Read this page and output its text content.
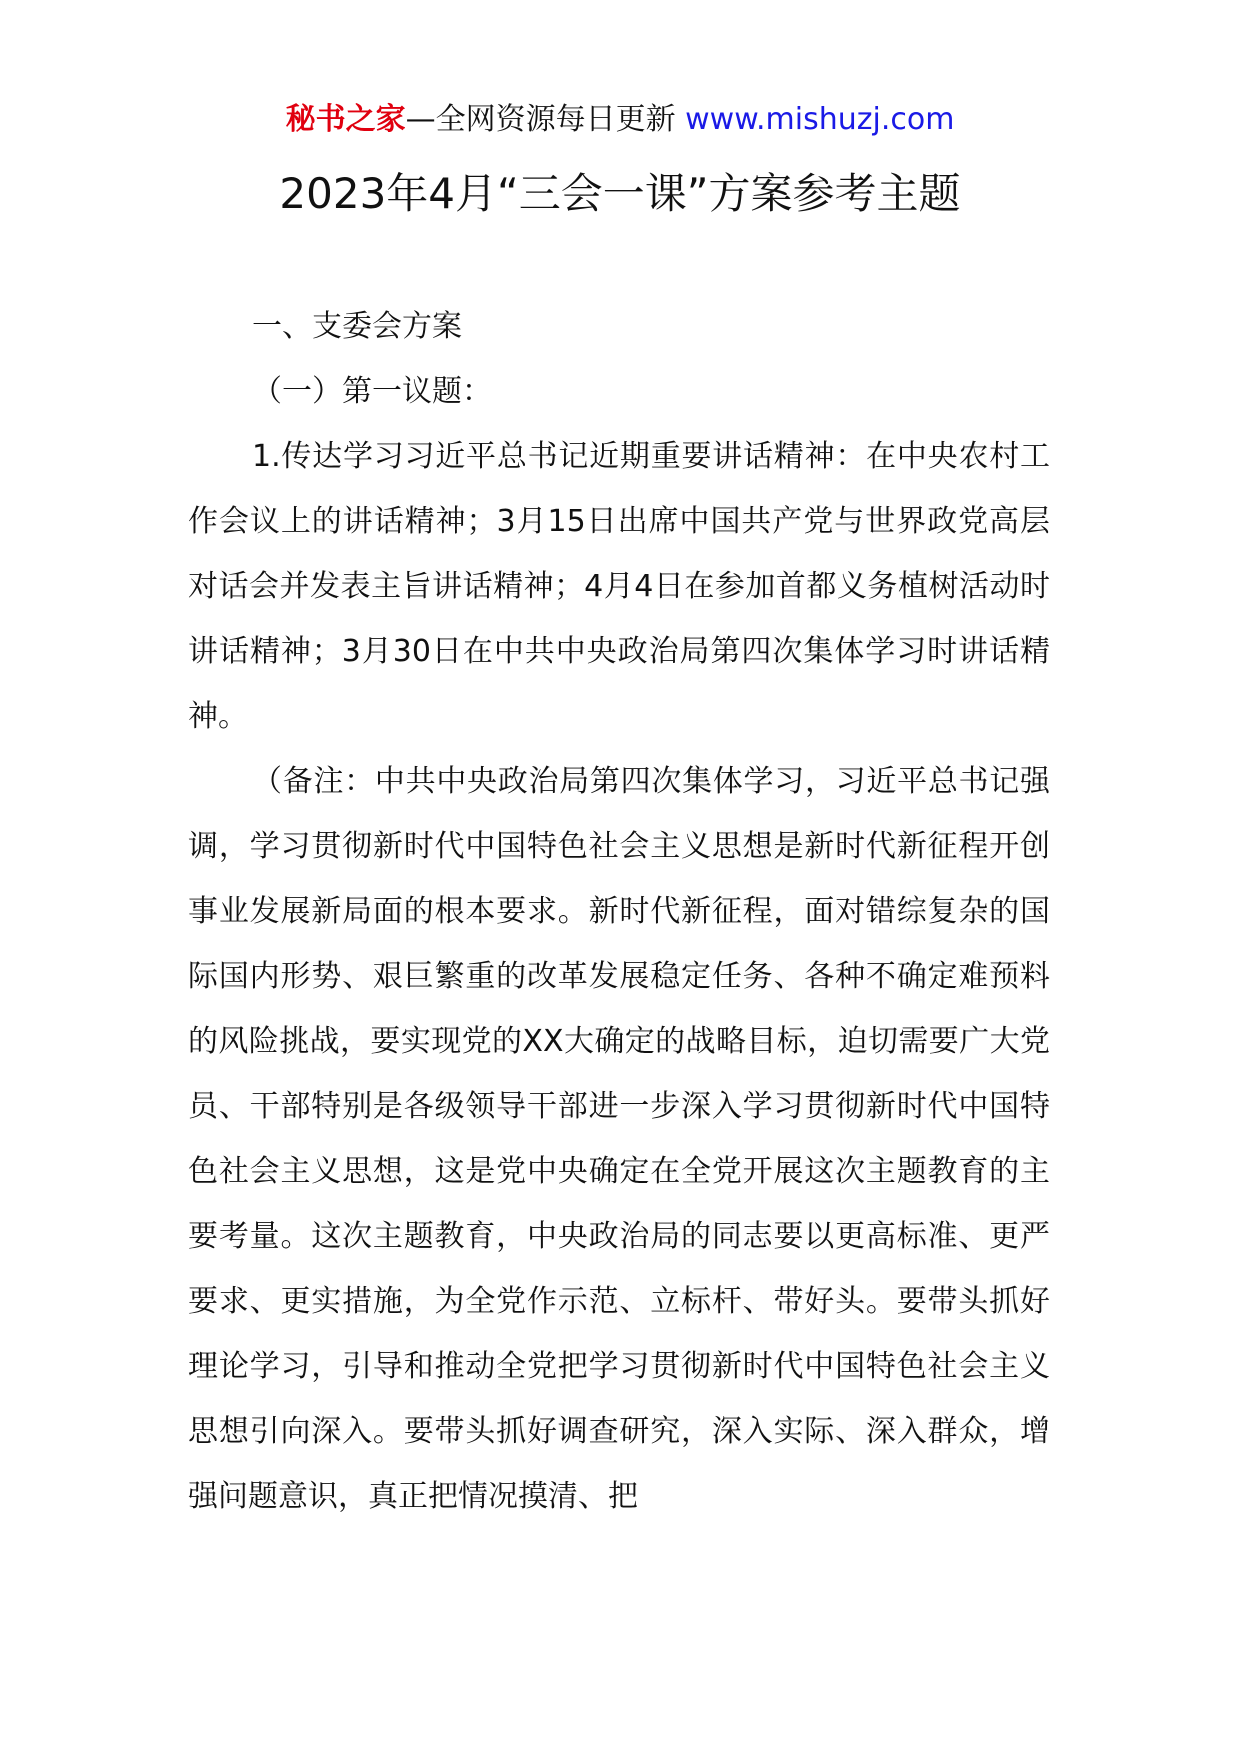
秘书之家—全网资源每日更新 www.mishuzj.com
2023年4月“三会一课”方案参考主题

一、支委会方案

（一）第一议题：

1.传达学习习近平总书记近期重要讲话精神：在中央农村工作会议上的讲话精神；3月15日出席中国共产党与世界政党高层对话会并发表主旨讲话精神；4月4日在参加首都义务植树活动时讲话精神；3月30日在中共中央政治局第四次集体学习时讲话精神。

（备注：中共中央政治局第四次集体学习，习近平总书记强调，学习贯彻新时代中国特色社会主义思想是新时代新征程开创事业发展新局面的根本要求。新时代新征程，面对错综复杂的国际国内形势、艰巨繁重的改革发展稳定任务、各种不确定难预料的风险挑战，要实现党的XX大确定的战略目标，迫切需要广大党员、干部特别是各级领导干部进一步深入学习贯彻新时代中国特色社会主义思想，这是党中央确定在全党开展这次主题教育的主要考量。这次主题教育，中央政治局的同志要以更高标准、更严要求、更实措施，为全党作示范、立标杆、带好头。要带头抓好理论学习，引导和推动全党把学习贯彻新时代中国特色社会主义思想引向深入。要带头抓好调查研究，深入实际、深入群众，增强问题意识，真正把情况摸清、把
